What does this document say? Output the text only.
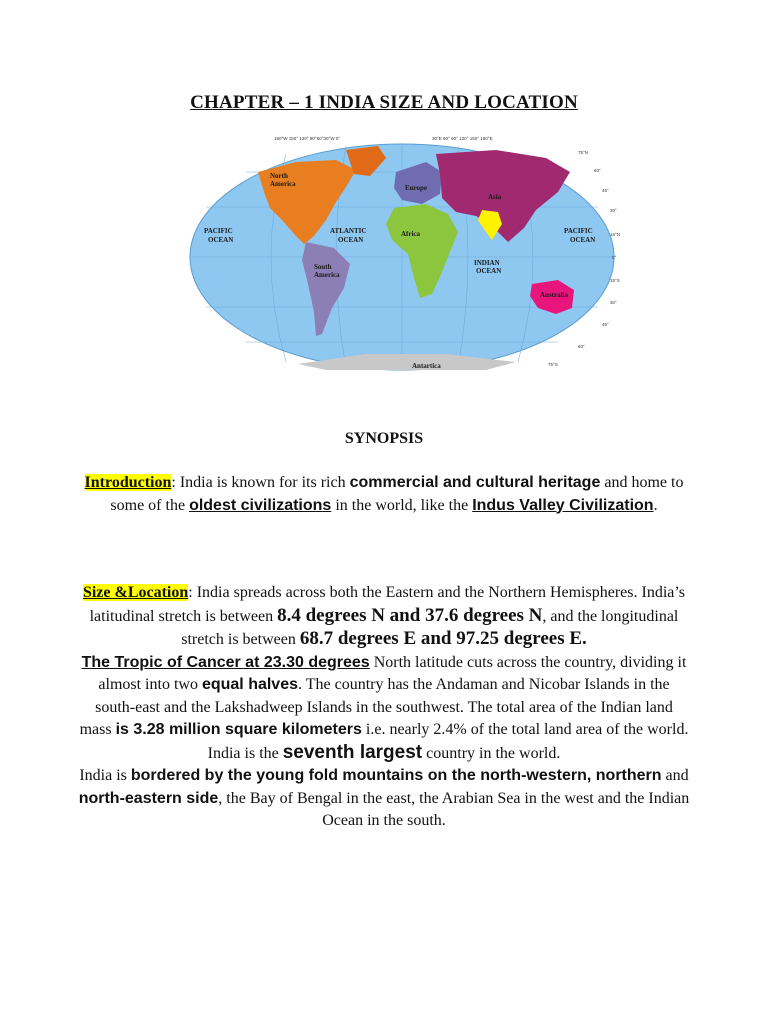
CHAPTER – 1 INDIA SIZE AND LOCATION
North
America	Europe
Asia
Africa
South
America
Australia
Antartica
PACIFIC
OCEAN
ATLANTIC
OCEAN
INDIAN
OCEAN
PACIFIC
OCEAN
160°W 150° 120° 90°60°30°W 0°	30°E 60° 90° 120° 150° 180°E
75°N
60°
45°
30°
15°N
0°
15°S
30°
45°
60°
75°S
SYNOPSIS
Introduction: India is known for its rich commercial and cultural heritage and home to some of the oldest civilizations in the world, like the Indus Valley Civilization.
Size &Location: India spreads across both the Eastern and the Northern Hemispheres. India’s latitudinal stretch is between 8.4 degrees N and 37.6 degrees N, and the longitudinal stretch is between 68.7 degrees E and 97.25 degrees E.
The Tropic of Cancer at 23.30 degrees North latitude cuts across the country, dividing it almost into two equal halves. The country has the Andaman and Nicobar Islands in the south-east and the Lakshadweep Islands in the southwest. The total area of the Indian land mass is 3.28 million square kilometers i.e. nearly 2.4% of the total land area of the world. India is the seventh largest country in the world.
India is bordered by the young fold mountains on the north-western, northern and north-eastern side, the Bay of Bengal in the east, the Arabian Sea in the west and the Indian Ocean in the south.
